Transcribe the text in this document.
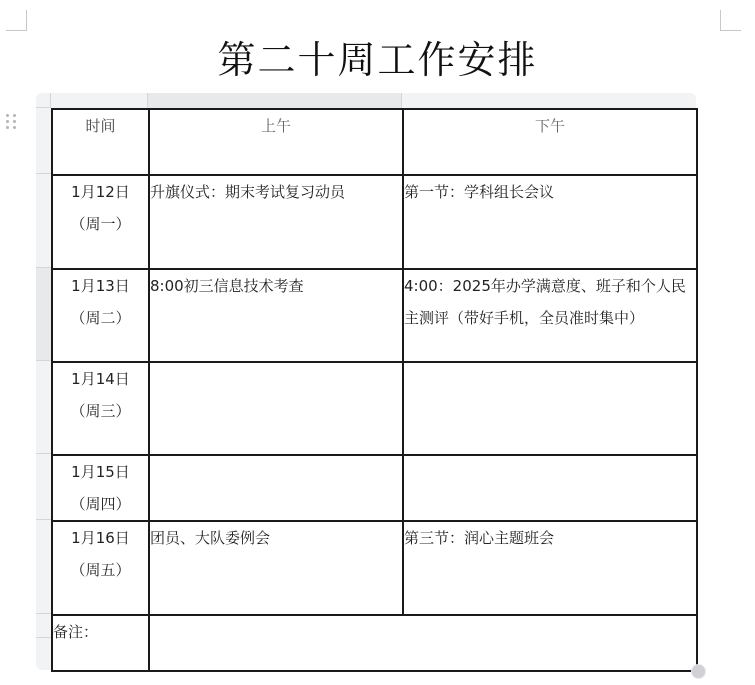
第二十周工作安排
时间	上午	下午

1月12日
（周一）	升旗仪式：期末考试复习动员	第一节：学科组长会议

1月13日
（周二）	8:00初三信息技术考查	4:00：2025年办学满意度、班子和个人民主测评（带好手机，全员准时集中）

1月14日
（周三）		

1月15日
（周四）		

1月16日
（周五）	团员、大队委例会	第三节：润心主题班会
备注：		
